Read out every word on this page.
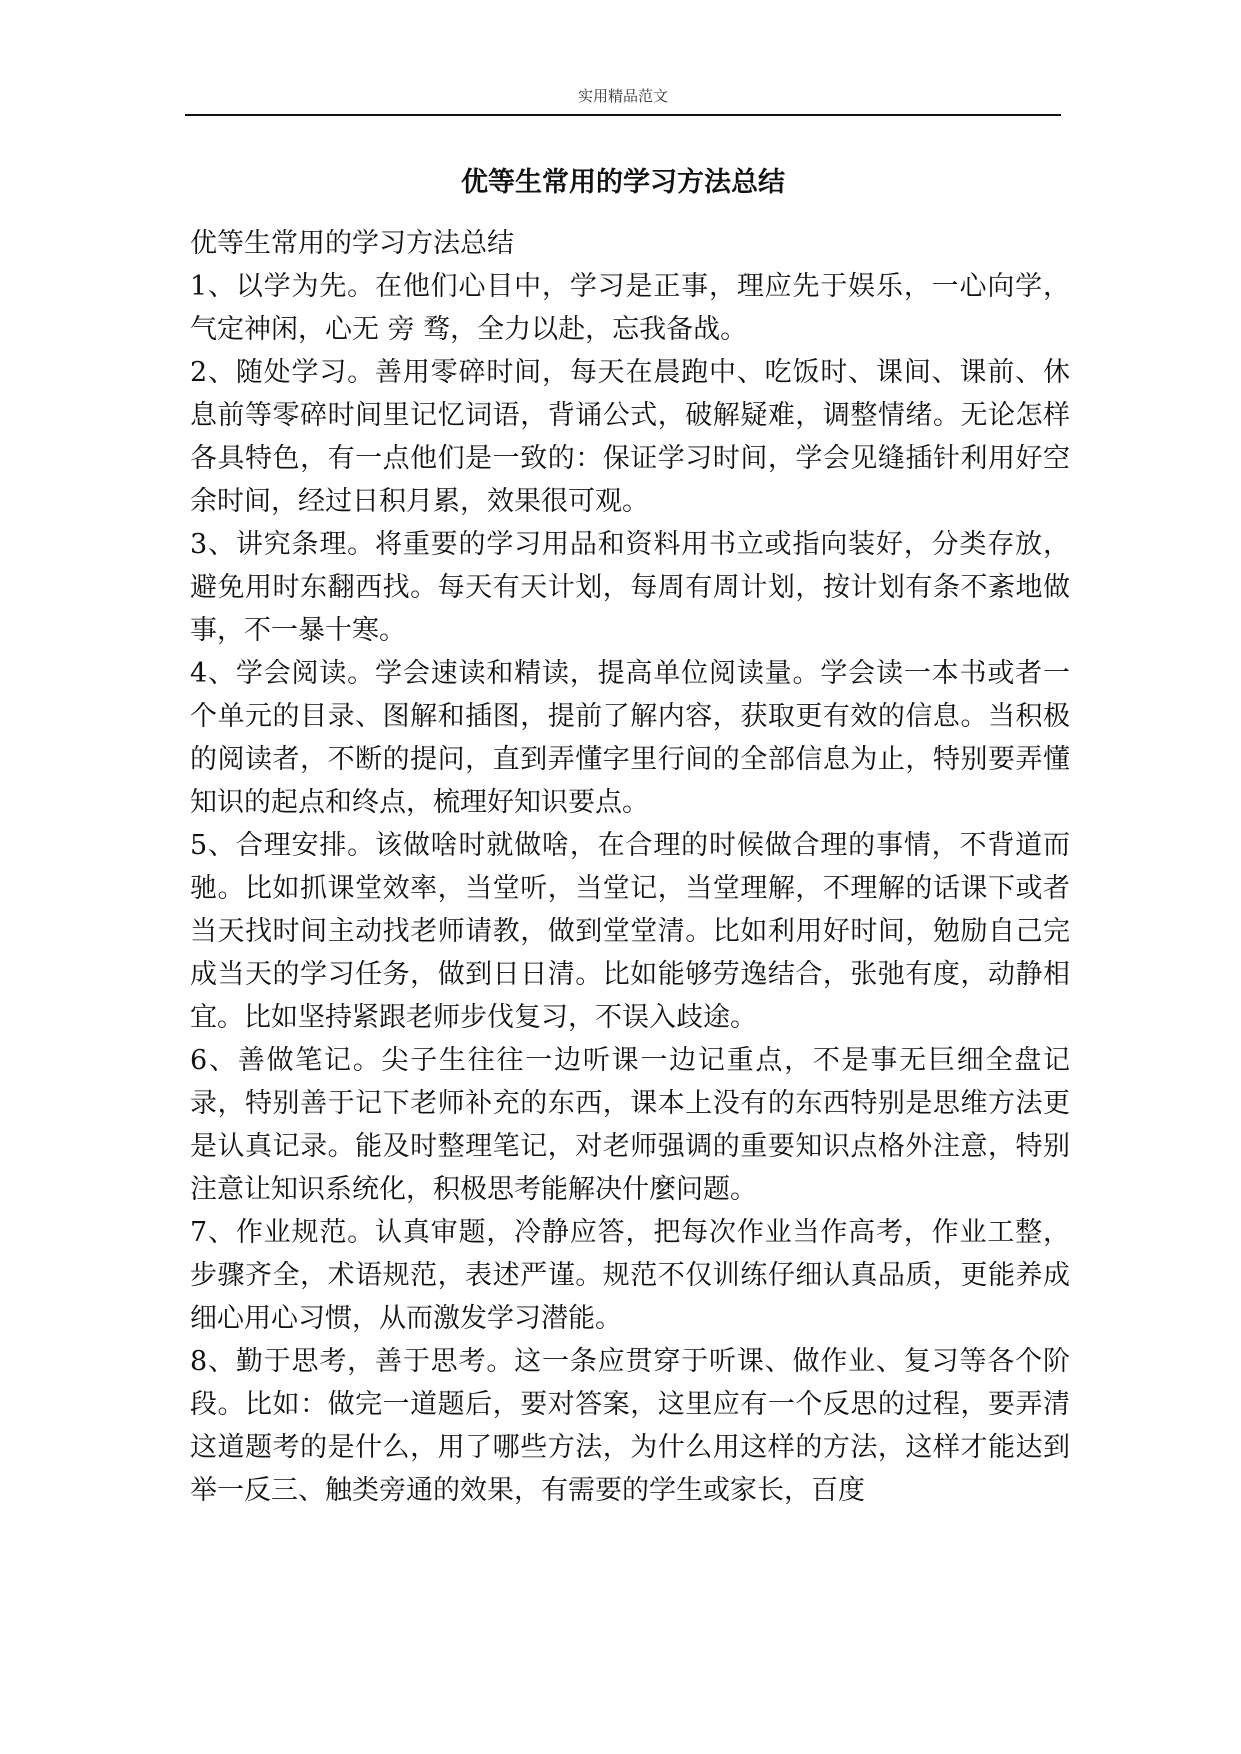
实用精品范文
优等生常用的学习方法总结

优等生常用的学习方法总结

1、以学为先。在他们心目中，学习是正事，理应先于娱乐，一心向学，气定神闲，心无 旁 骛，全力以赴，忘我备战。

2、随处学习。善用零碎时间，每天在晨跑中、吃饭时、课间、课前、休息前等零碎时间里记忆词语，背诵公式，破解疑难，调整情绪。无论怎样各具特色，有一点他们是一致的：保证学习时间，学会见缝插针利用好空余时间，经过日积月累，效果很可观。

3、讲究条理。将重要的学习用品和资料用书立或指向装好，分类存放，避免用时东翻西找。每天有天计划，每周有周计划，按计划有条不紊地做事，不一暴十寒。

4、学会阅读。学会速读和精读，提高单位阅读量。学会读一本书或者一个单元的目录、图解和插图，提前了解内容，获取更有效的信息。当积极的阅读者，不断的提问，直到弄懂字里行间的全部信息为止，特别要弄懂知识的起点和终点，梳理好知识要点。

5、合理安排。该做啥时就做啥，在合理的时候做合理的事情，不背道而驰。比如抓课堂效率，当堂听，当堂记，当堂理解，不理解的话课下或者当天找时间主动找老师请教，做到堂堂清。比如利用好时间，勉励自己完成当天的学习任务，做到日日清。比如能够劳逸结合，张弛有度，动静相宜。比如坚持紧跟老师步伐复习，不误入歧途。

6、善做笔记。尖子生往往一边听课一边记重点，不是事无巨细全盘记录，特别善于记下老师补充的东西，课本上没有的东西特别是思维方法更是认真记录。能及时整理笔记，对老师强调的重要知识点格外注意，特别注意让知识系统化，积极思考能解决什麼问题。

7、作业规范。认真审题，冷静应答，把每次作业当作高考，作业工整，步骤齐全，术语规范，表述严谨。规范不仅训练仔细认真品质，更能养成细心用心习惯，从而激发学习潜能。

8、勤于思考，善于思考。这一条应贯穿于听课、做作业、复习等各个阶段。比如：做完一道题后，要对答案，这里应有一个反思的过程，要弄清这道题考的是什么，用了哪些方法，为什么用这样的方法，这样才能达到举一反三、触类旁通的效果，有需要的学生或家长，百度
